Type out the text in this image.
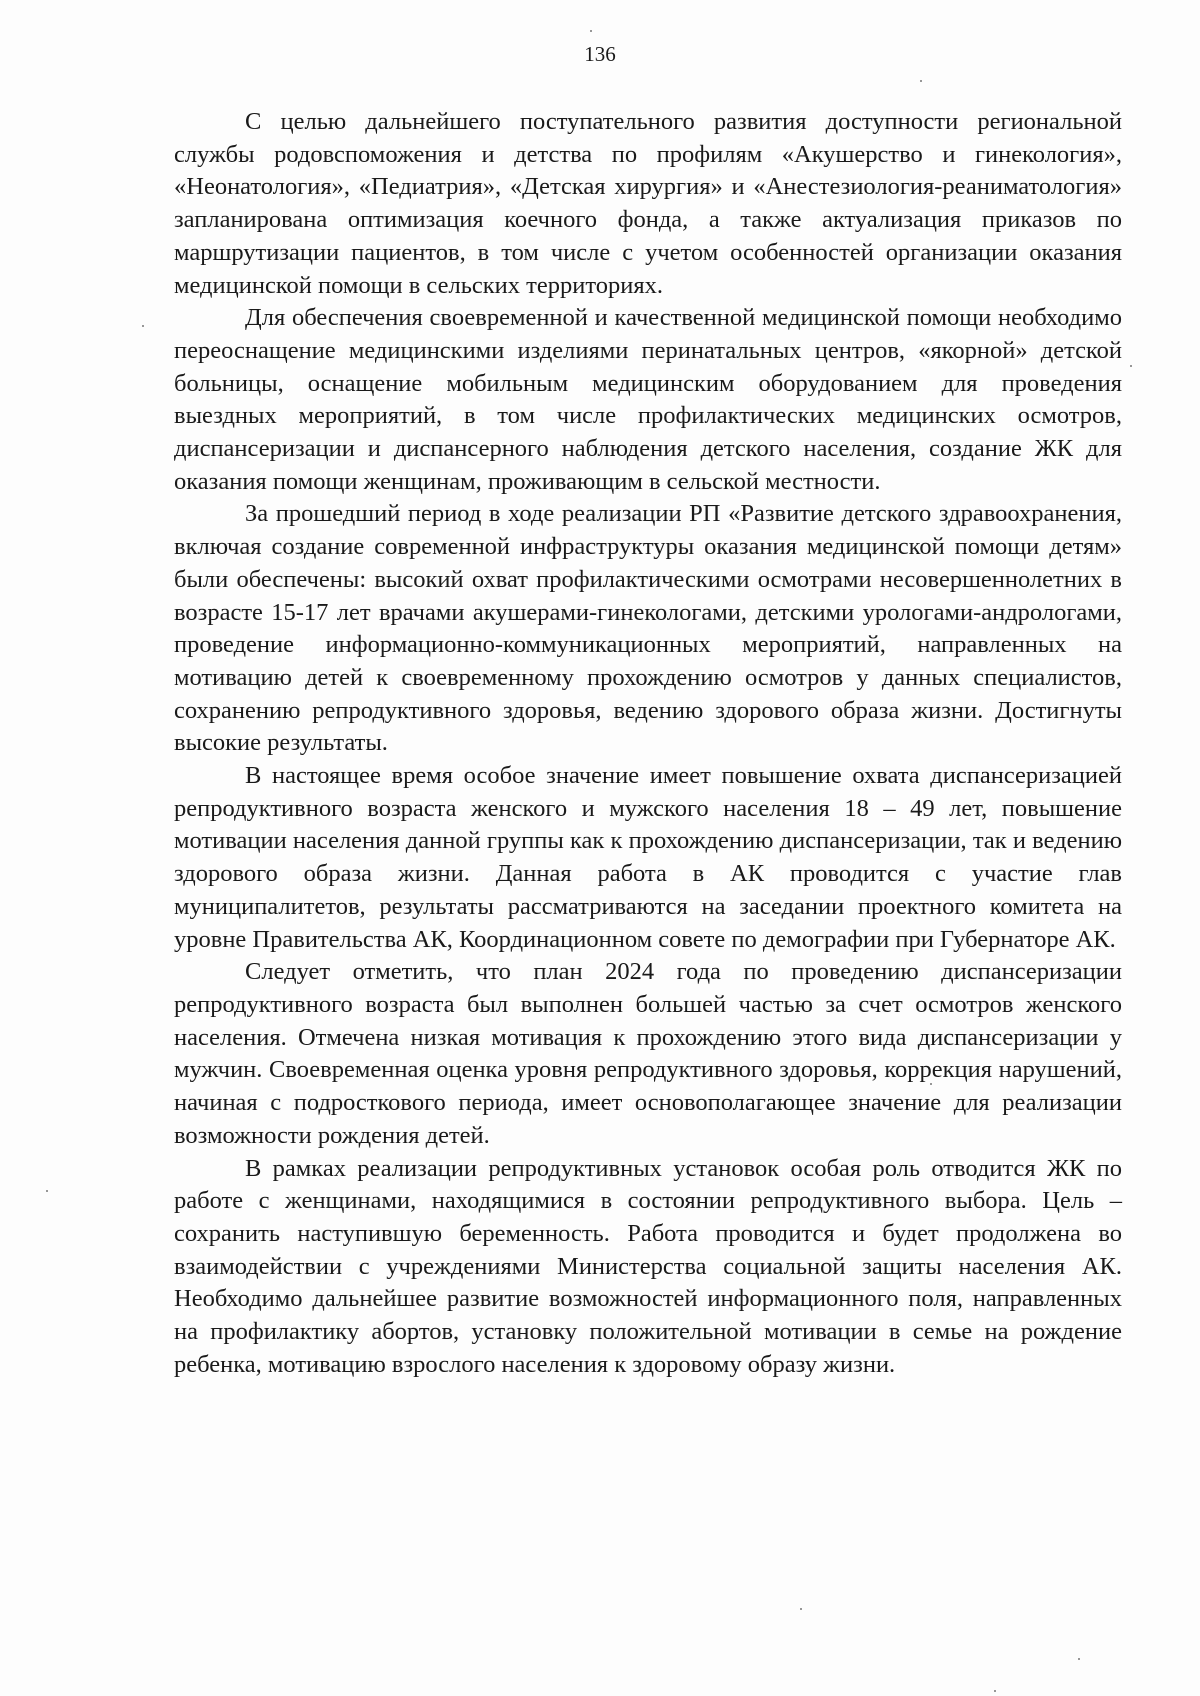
136

С целью дальнейшего поступательного развития доступности региональной службы родовспоможения и детства по профилям «Акушерство и гинекология», «Неонатология», «Педиатрия», «Детская хирургия» и «Анестезиология-реаниматология» запланирована оптимизация коечного фонда, а также актуализация приказов по маршрутизации пациентов, в том числе с учетом особенностей организации оказания медицинской помощи в сельских территориях.

Для обеспечения своевременной и качественной медицинской помощи необходимо переоснащение медицинскими изделиями перинатальных центров, «якорной» детской больницы, оснащение мобильным медицинским оборудованием для проведения выездных мероприятий, в том числе профилактических медицинских осмотров, диспансеризации и диспансерного наблюдения детского населения, создание ЖК для оказания помощи женщинам, проживающим в сельской местности.

За прошедший период в ходе реализации РП «Развитие детского здравоохранения, включая создание современной инфраструктуры оказания медицинской помощи детям» были обеспечены: высокий охват профилактическими осмотрами несовершеннолетних в возрасте 15-17 лет врачами акушерами-гинекологами, детскими урологами-андрологами, проведение информационно-коммуникационных мероприятий, направленных на мотивацию детей к своевременному прохождению осмотров у данных специалистов, сохранению репродуктивного здоровья, ведению здорового образа жизни. Достигнуты высокие результаты.

В настоящее время особое значение имеет повышение охвата диспансеризацией репродуктивного возраста женского и мужского населения 18 – 49 лет, повышение мотивации населения данной группы как к прохождению диспансеризации, так и ведению здорового образа жизни. Данная работа в АК проводится с участие глав муниципалитетов, результаты рассматриваются на заседании проектного комитета на уровне Правительства АК, Координационном совете по демографии при Губернаторе АК.

Следует отметить, что план 2024 года по проведению диспансеризации репродуктивного возраста был выполнен большей частью за счет осмотров женского населения. Отмечена низкая мотивация к прохождению этого вида диспансеризации у мужчин. Своевременная оценка уровня репродуктивного здоровья, коррекция нарушений, начиная с подросткового периода, имеет основополагающее значение для реализации возможности рождения детей.

В рамках реализации репродуктивных установок особая роль отводится ЖК по работе с женщинами, находящимися в состоянии репродуктивного выбора. Цель – сохранить наступившую беременность. Работа проводится и будет продолжена во взаимодействии с учреждениями Министерства социальной защиты населения АК. Необходимо дальнейшее развитие возможностей информационного поля, направленных на профилактику абортов, установку положительной мотивации в семье на рождение ребенка, мотивацию взрослого населения к здоровому образу жизни.
